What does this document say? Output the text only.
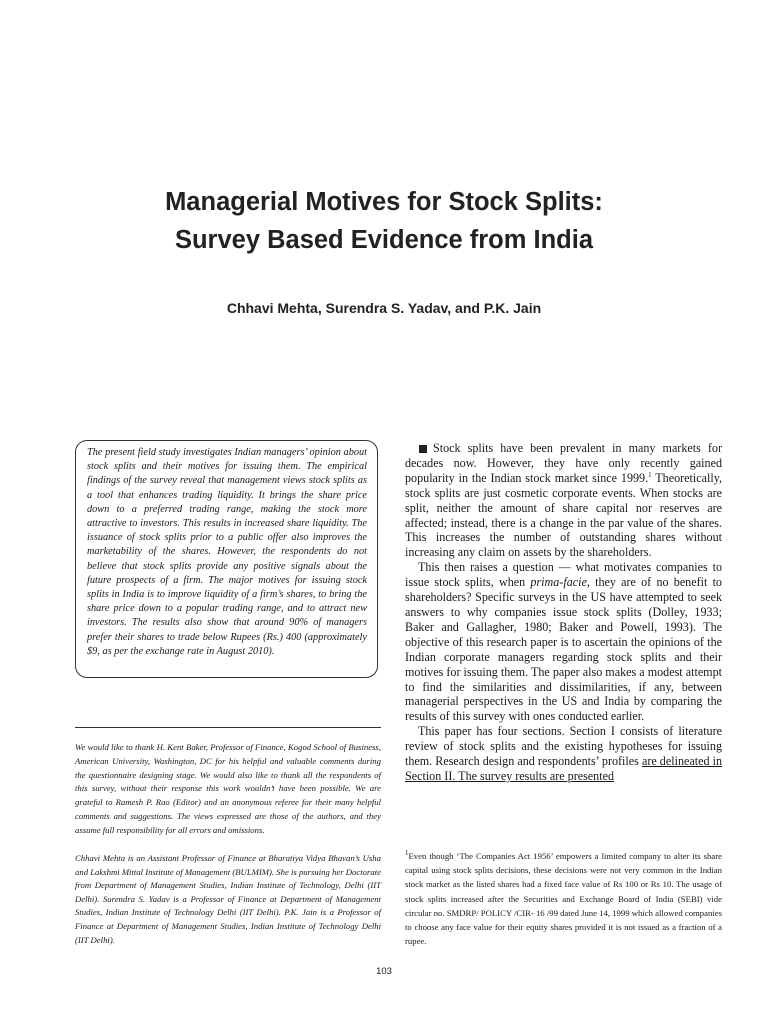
Managerial Motives for Stock Splits:
Survey Based Evidence from India
Chhavi Mehta, Surendra S. Yadav, and P.K. Jain

The present field study investigates Indian managers’ opinion about stock splits and their motives for issuing them. The empirical findings of the survey reveal that management views stock splits as a tool that enhances trading liquidity. It brings the share price down to a preferred trading range, making the stock more attractive to investors. This results in increased share liquidity. The issuance of stock splits prior to a public offer also improves the marketability of the shares. However, the respondents do not believe that stock splits provide any positive signals about the future prospects of a firm. The major motives for issuing stock splits in India is to improve liquidity of a firm’s shares, to bring the share price down to a popular trading range, and to attract new investors. The results also show that around 90% of managers prefer their shares to trade below Rupees (Rs.) 400 (approximately $9, as per the exchange rate in August 2010).

We would like to thank H. Kent Baker, Professor of Finance, Kogod School of Business, American University, Washington, DC for his helpful and valuable comments during the questionnaire designing stage. We would also like to thank all the respondents of this survey, without their response this work wouldn’t have been possible. We are grateful to Ramesh P. Rao (Editor) and an anonymous referee for their many helpful comments and suggestions. The views expressed are those of the authors, and they assume full responsibility for all errors and omissions.

Chhavi Mehta is an Assistant Professor of Finance at Bharatiya Vidya Bhavan’s Usha and Lakshmi Mittal Institute of Management (BULMIM). She is pursuing her Doctorate from Department of Management Studies, Indian Institute of Technology, Delhi (IIT Delhi). Surendra S. Yadav is a Professor of Finance at Department of Management Studies, Indian Institute of Technology Delhi (IIT Delhi). P.K. Jain is a Professor of Finance at Department of Management Studies, Indian Institute of Technology Delhi (IIT Delhi).

Stock splits have been prevalent in many markets for decades now. However, they have only recently gained popularity in the Indian stock market since 1999.$^1$ Theoretically, stock splits are just cosmetic corporate events. When stocks are split, neither the amount of share capital nor reserves are affected; instead, there is a change in the par value of the shares. This increases the number of outstanding shares without increasing any claim on assets by the shareholders.

This then raises a question — what motivates companies to issue stock splits, when prima-facie, they are of no benefit to shareholders? Specific surveys in the US have attempted to seek answers to why companies issue stock splits (Dolley, 1933; Baker and Gallagher, 1980; Baker and Powell, 1993). The objective of this research paper is to ascertain the opinions of the Indian corporate managers regarding stock splits and their motives for issuing them. The paper also makes a modest attempt to find the similarities and dissimilarities, if any, between managerial perspectives in the US and India by comparing the results of this survey with ones conducted earlier.

This paper has four sections. Section I consists of literature review of stock splits and the existing hypotheses for issuing them. Research design and respondents’ profiles are delineated in Section II. The survey results are presented

$^1$Even though ‘The Companies Act 1956’ empowers a limited company to alter its share capital using stock splits decisions, these decisions were not very common in the Indian stock market as the listed shares had a fixed face value of Rs 100 or Rs 10. The usage of stock splits increased after the Securities and Exchange Board of India (SEBI) vide circular no. SMDRP/ POLICY /CIR- 16 /99 dated June 14, 1999 which allowed companies to choose any face value for their equity shares provided it is not issued as a fraction of a rupee.

103
